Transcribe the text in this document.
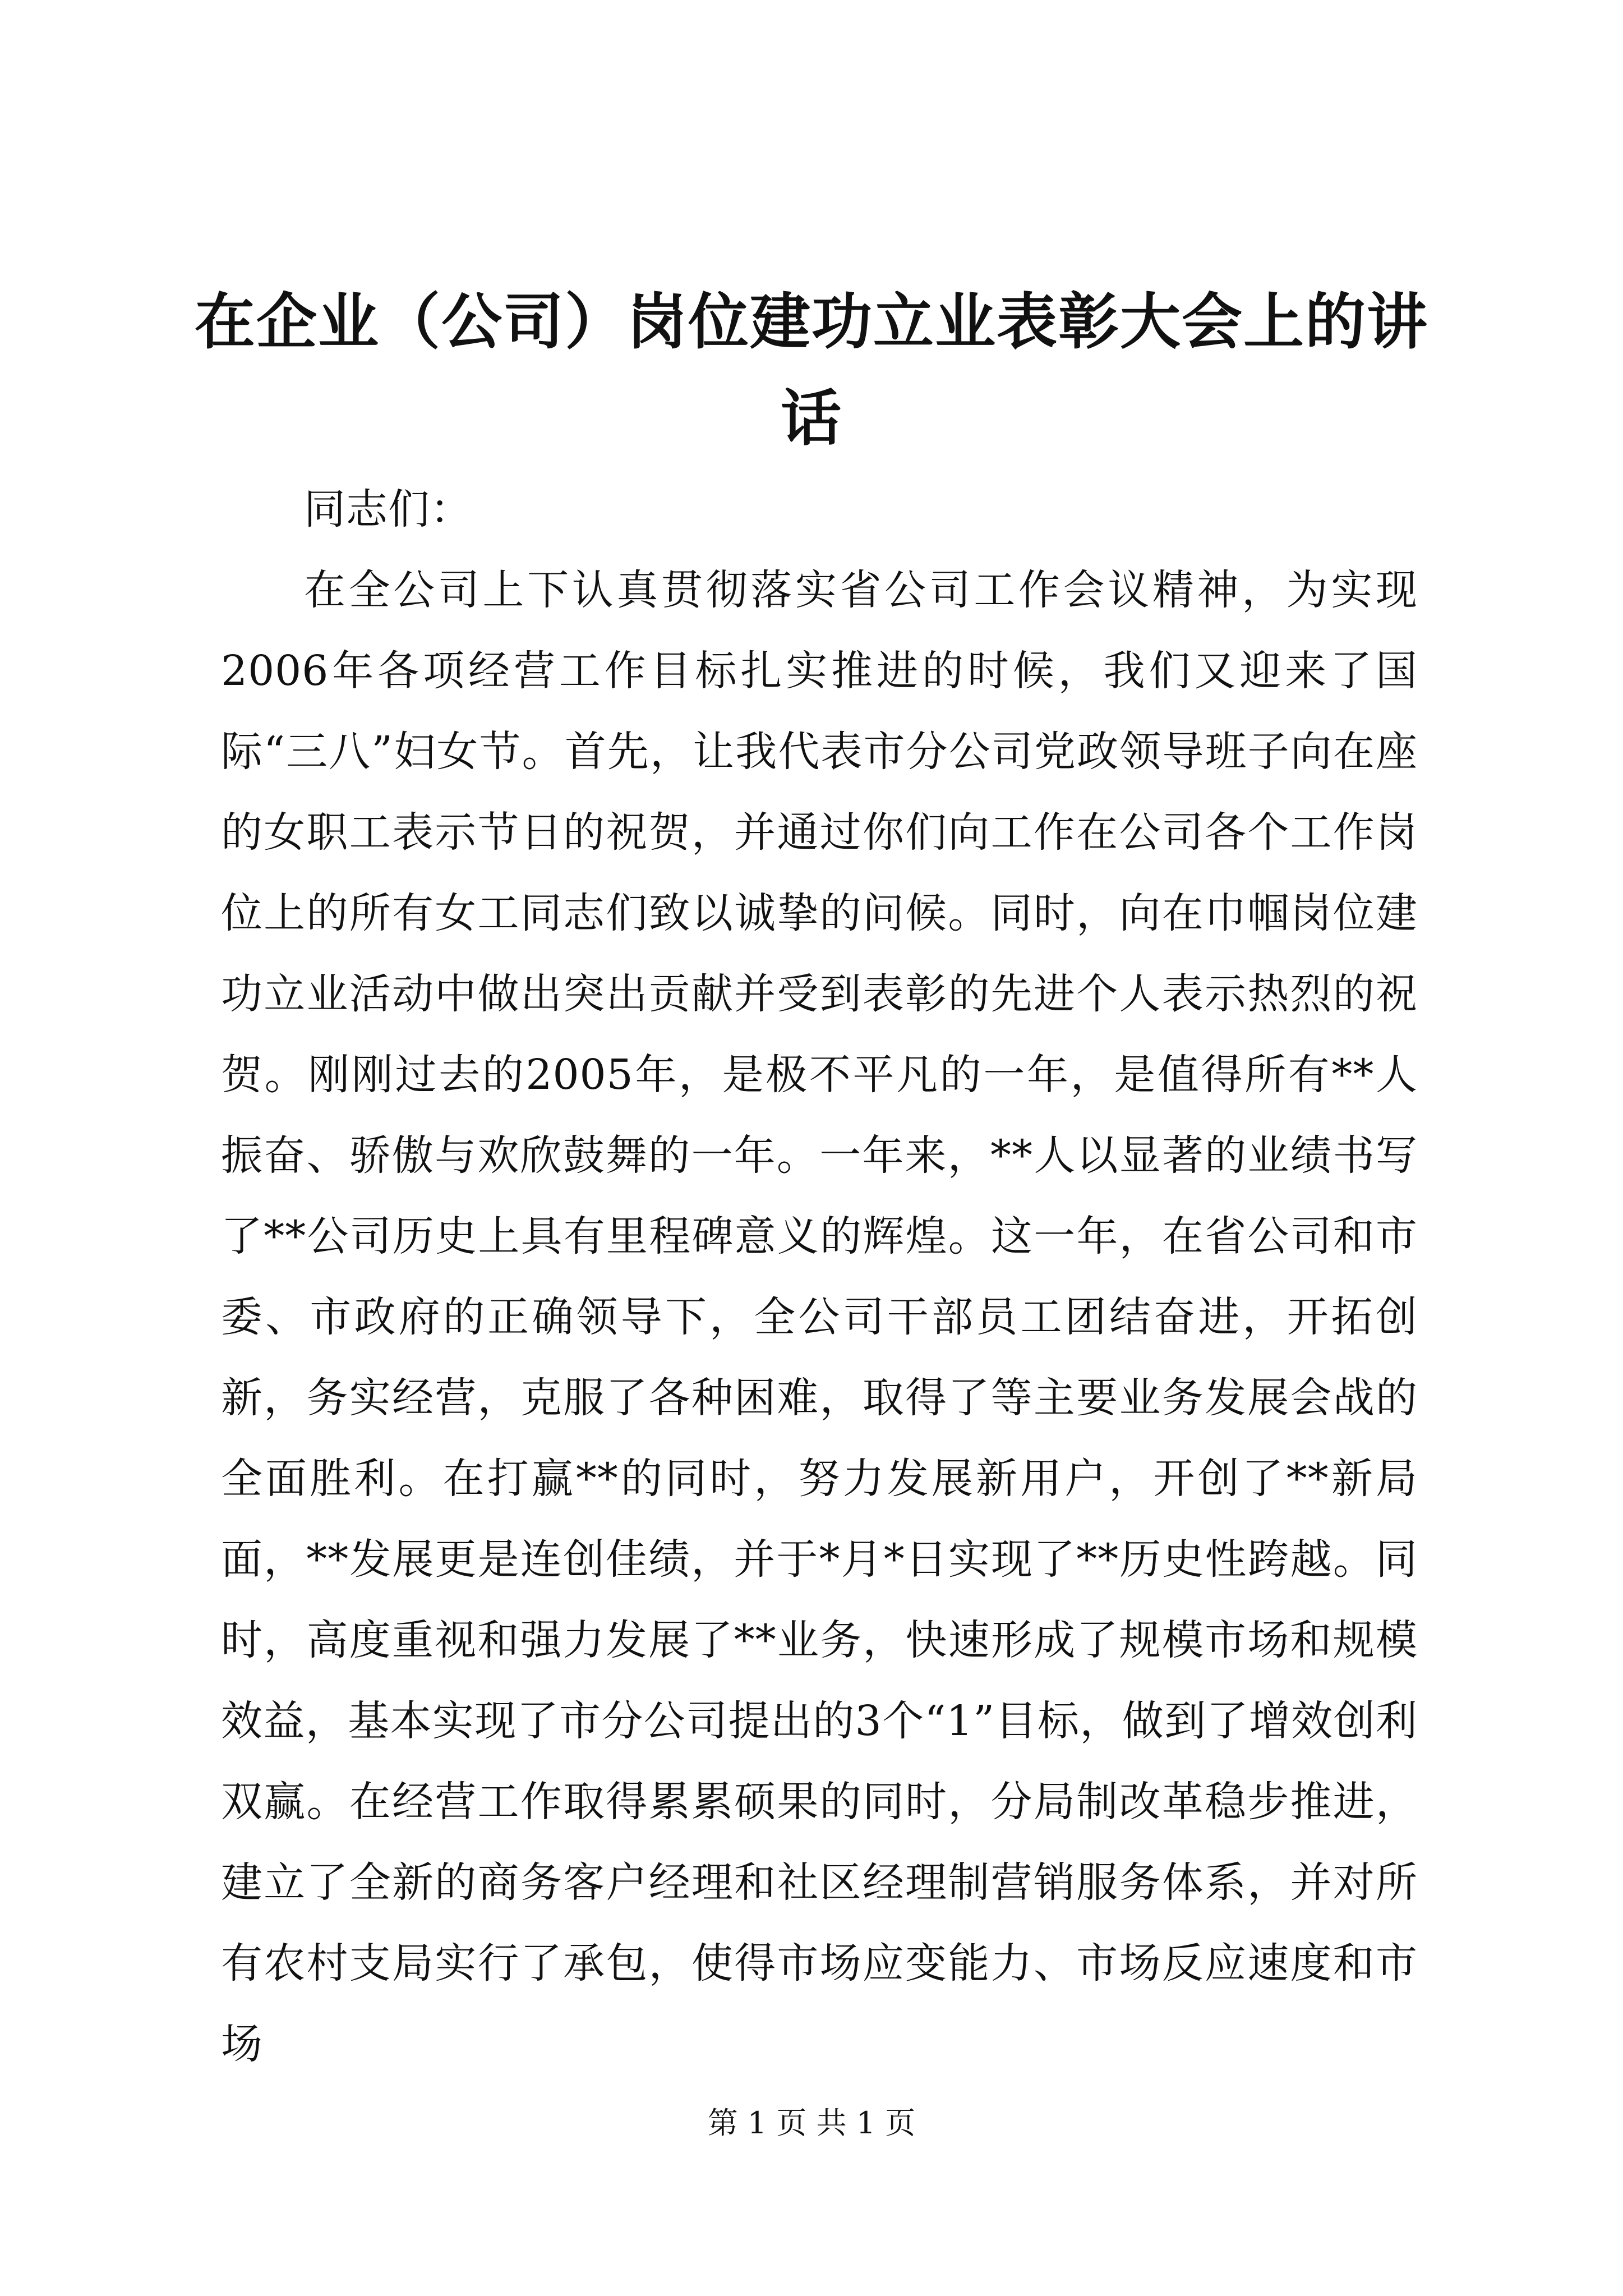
在企业（公司）岗位建功立业表彰大会上的讲话

同志们：

在全公司上下认真贯彻落实省公司工作会议精神，为实现2006年各项经营工作目标扎实推进的时候，我们又迎来了国际“三八”妇女节。首先，让我代表市分公司党政领导班子向在座的女职工表示节日的祝贺，并通过你们向工作在公司各个工作岗位上的所有女工同志们致以诚挚的问候。同时，向在巾帼岗位建功立业活动中做出突出贡献并受到表彰的先进个人表示热烈的祝贺。刚刚过去的2005年，是极不平凡的一年，是值得所有**人振奋、骄傲与欢欣鼓舞的一年。一年来，**人以显著的业绩书写了**公司历史上具有里程碑意义的辉煌。这一年，在省公司和市委、市政府的正确领导下，全公司干部员工团结奋进，开拓创新，务实经营，克服了各种困难，取得了等主要业务发展会战的全面胜利。在打赢**的同时，努力发展新用户，开创了**新局面，**发展更是连创佳绩，并于*月*日实现了**历史性跨越。同时，高度重视和强力发展了**业务，快速形成了规模市场和规模效益，基本实现了市分公司提出的3个“1”目标，做到了增效创利双赢。在经营工作取得累累硕果的同时，分局制改革稳步推进，建立了全新的商务客户经理和社区经理制营销服务体系，并对所有农村支局实行了承包，使得市场应变能力、市场反应速度和市场

第 1 页 共 1 页
